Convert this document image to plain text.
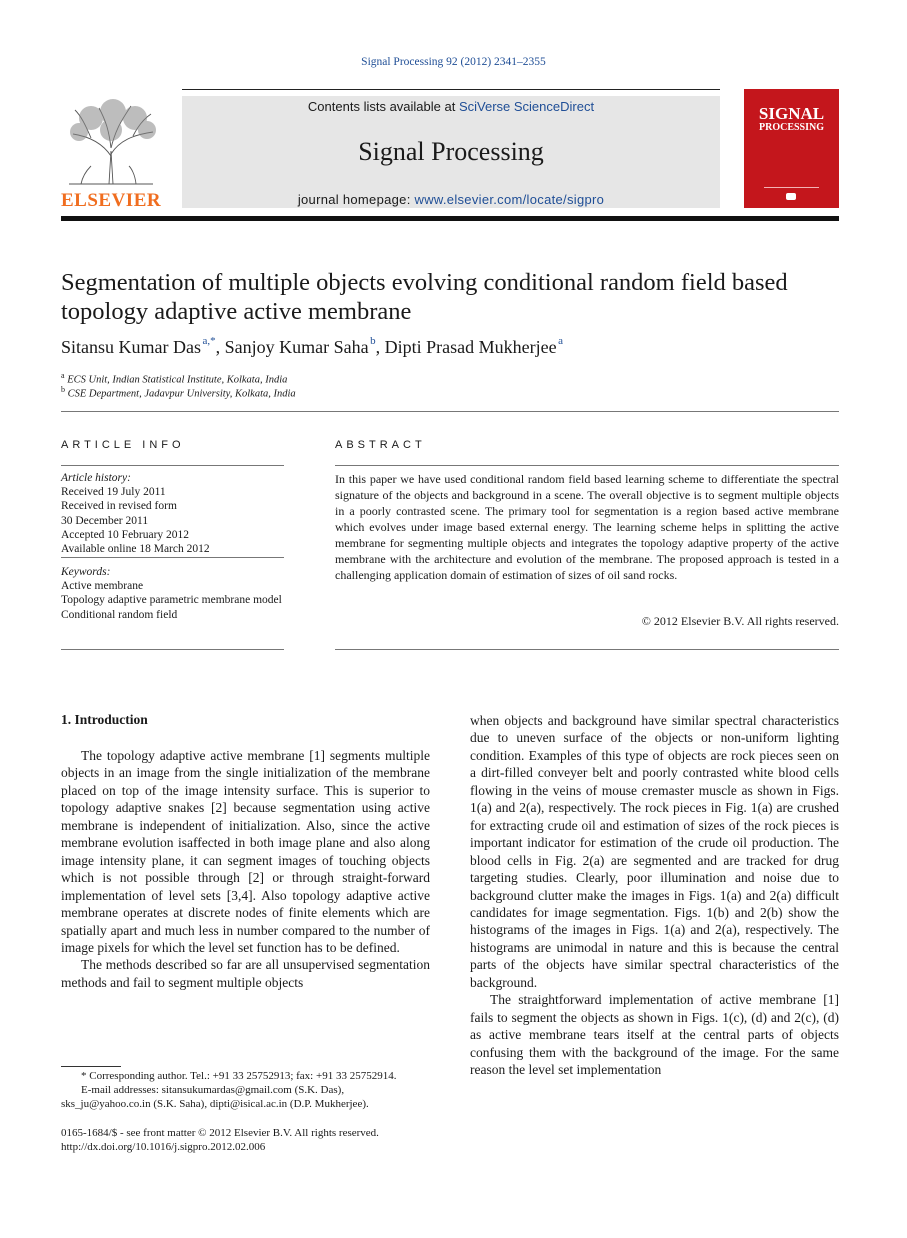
Signal Processing 92 (2012) 2341–2355
ELSEVIER
Contents lists available at SciVerse ScienceDirect
Signal Processing
journal homepage: www.elsevier.com/locate/sigpro
SIGNAL
PROCESSING
Segmentation of multiple objects evolving conditional random field based topology adaptive active membrane
Sitansu Kumar Das  $^{a,*}$, Sanjoy Kumar Saha  $^b$, Dipti Prasad Mukherjee  $^a$
$^a$ ECS Unit, Indian Statistical Institute, Kolkata, India
$^b$ CSE Department, Jadavpur University, Kolkata, India
ARTICLE INFO
Article history:
Received 19 July 2011
Received in revised form
30 December 2011
Accepted 10 February 2012
Available online 18 March 2012
Keywords:
Active membrane
Topology adaptive parametric membrane model
Conditional random field
ABSTRACT
In this paper we have used conditional random field based learning scheme to differentiate the spectral signature of the objects and background in a scene. The overall objective is to segment multiple objects in a poorly contrasted scene. The primary tool for segmentation is a region based active membrane which evolves under image based external energy. The learning scheme helps in splitting the active membrane for segmenting multiple objects and integrates the topology adaptive property of the active membrane with the architecture and evolution of the membrane. The proposed approach is tested in a challenging application domain of estimation of sizes of oil sand rocks.
© 2012 Elsevier B.V. All rights reserved.
1. Introduction

The topology adaptive active membrane [1] segments multiple objects in an image from the single initialization of the membrane placed on top of the image intensity surface. This is superior to topology adaptive snakes [2] because segmentation using active membrane is independent of initialization. Also, since the active membrane evolution isaffected in both image plane and also along image intensity plane, it can segment images of touching objects which is not possible through [2] or through straight-forward implementation of level sets [3,4]. Also topology adaptive active membrane operates at discrete nodes of finite elements which are spatially apart and much less in number compared to the number of image pixels for which the level set function has to be defined.

The methods described so far are all unsupervised segmentation methods and fail to segment multiple objects

when objects and background have similar spectral characteristics due to uneven surface of the objects or non-uniform lighting condition. Examples of this type of objects are rock pieces seen on a dirt-filled conveyer belt and poorly contrasted white blood cells flowing in the veins of mouse cremaster muscle as shown in Figs. 1(a) and 2(a), respectively. The rock pieces in Fig. 1(a) are crushed for extracting crude oil and estimation of sizes of the rock pieces is important indicator for estimation of the crude oil production. The blood cells in Fig. 2(a) are segmented and are tracked for drug targeting studies. Clearly, poor illumination and noise due to background clutter make the images in Figs. 1(a) and 2(a) difficult candidates for image segmentation. Figs. 1(b) and 2(b) show the histograms of the images in Figs. 1(a) and 2(a), respectively. The histograms are unimodal in nature and this is because the central parts of the objects have similar spectral characteristics of the background.

The straightforward implementation of active membrane [1] fails to segment the objects as shown in Figs. 1(c), (d) and 2(c), (d) as active membrane tears itself at the central parts of objects confusing them with the background of the image. For the same reason the level set implementation

* Corresponding author. Tel.: +91 33 25752913; fax: +91 33 25752914.
E-mail addresses: sitansukumardas@gmail.com (S.K. Das),
sks_ju@yahoo.co.in (S.K. Saha), dipti@isical.ac.in (D.P. Mukherjee).
0165-1684/$ - see front matter © 2012 Elsevier B.V. All rights reserved.
http://dx.doi.org/10.1016/j.sigpro.2012.02.006
